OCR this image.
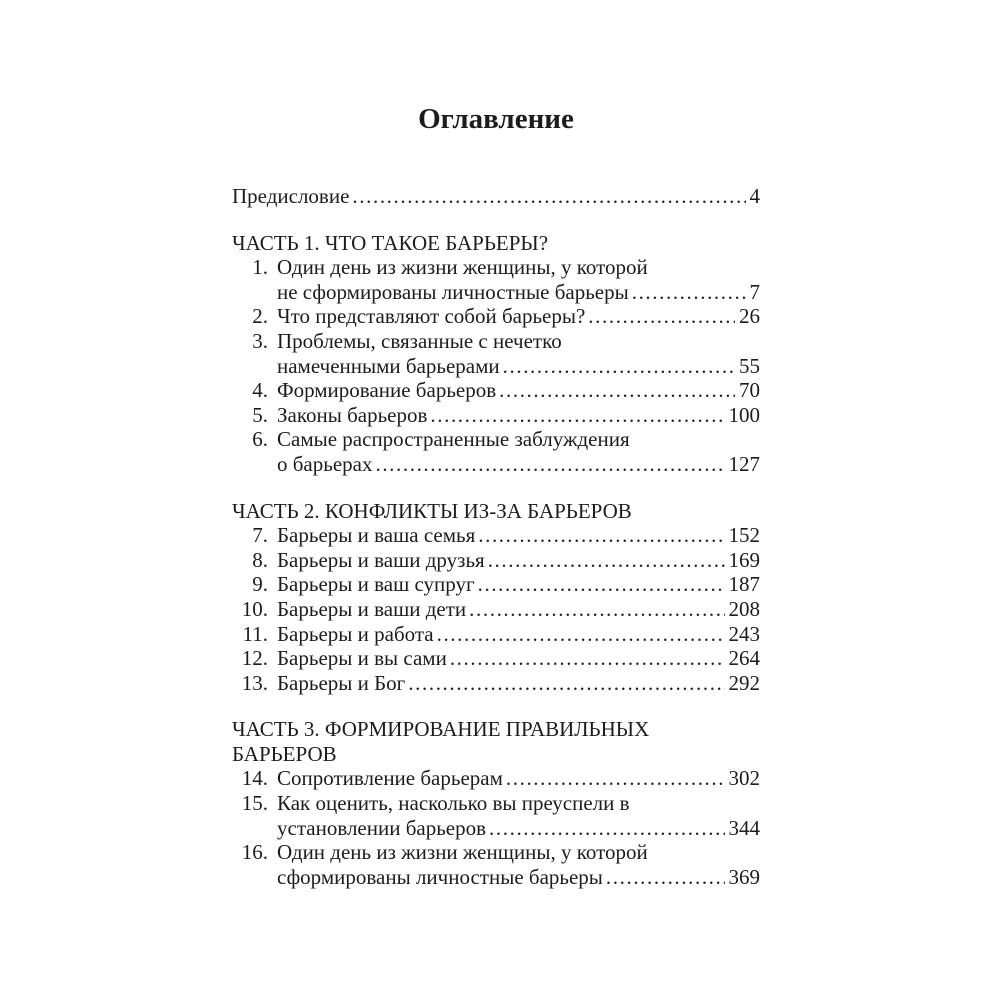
Оглавление
Предисловие .....	4
ЧАСТЬ 1. ЧТО ТАКОЕ БАРЬЕРЫ?
1. Один день из жизни женщины, у которой
не сформированы личностные барьеры .....	7
2. Что представляют собой барьеры? .....	26
3. Проблемы, связанные с нечетко
намеченными барьерами .....	55
4. Формирование барьеров .....	70
5. Законы барьеров .....	100
6. Самые распространенные заблуждения
о барьерах .....	127
ЧАСТЬ 2. КОНФЛИКТЫ ИЗ-ЗА БАРЬЕРОВ
7. Барьеры и ваша семья .....	152
8. Барьеры и ваши друзья .....	169
9. Барьеры и ваш супруг .....	187
10. Барьеры и ваши дети .....	208
11. Барьеры и работа .....	243
12. Барьеры и вы сами .....	264
13. Барьеры и Бог .....	292
ЧАСТЬ 3. ФОРМИРОВАНИЕ ПРАВИЛЬНЫХ
БАРЬЕРОВ
14. Сопротивление барьерам .....	302
15. Как оценить, насколько вы преуспели в
установлении барьеров .....	344
16. Один день из жизни женщины, у которой
сформированы личностные барьеры .....	369
